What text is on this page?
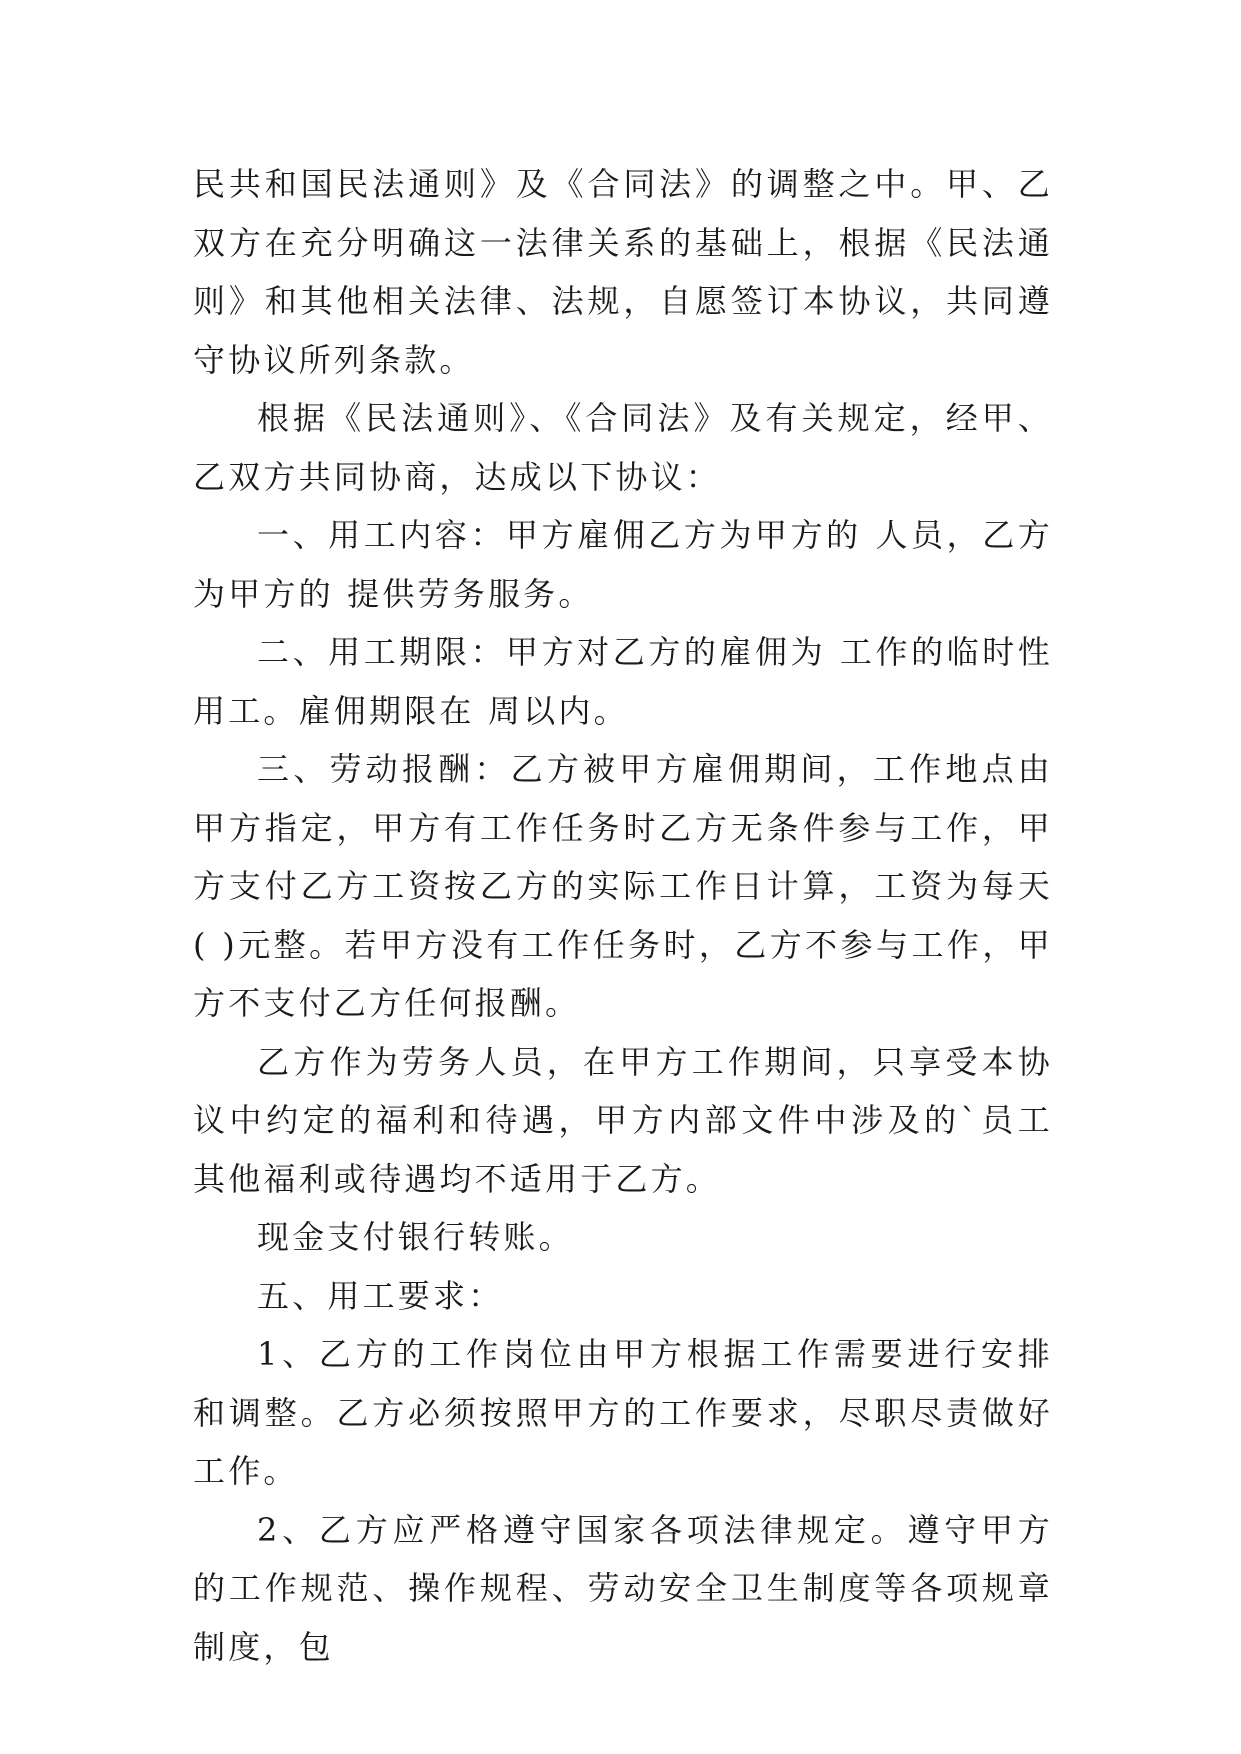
民共和国民法通则》及《合同法》的调整之中。甲、乙双方在充分明确这一法律关系的基础上，根据《民法通则》和其他相关法律、法规，自愿签订本协议，共同遵守协议所列条款。

根据《民法通则》、《合同法》及有关规定，经甲、乙双方共同协商，达成以下协议：

一、用工内容：甲方雇佣乙方为甲方的 人员，乙方为甲方的 提供劳务服务。

二、用工期限：甲方对乙方的雇佣为 工作的临时性用工。雇佣期限在 周以内。

三、劳动报酬：乙方被甲方雇佣期间，工作地点由甲方指定，甲方有工作任务时乙方无条件参与工作，甲方支付乙方工资按乙方的实际工作日计算，工资为每天( )元整。若甲方没有工作任务时，乙方不参与工作，甲方不支付乙方任何报酬。

乙方作为劳务人员，在甲方工作期间，只享受本协议中约定的福利和待遇，甲方内部文件中涉及的`员工其他福利或待遇均不适用于乙方。

现金支付银行转账。

五、用工要求：

1、乙方的工作岗位由甲方根据工作需要进行安排和调整。乙方必须按照甲方的工作要求，尽职尽责做好工作。

2、乙方应严格遵守国家各项法律规定。遵守甲方的工作规范、操作规程、劳动安全卫生制度等各项规章制度，包
